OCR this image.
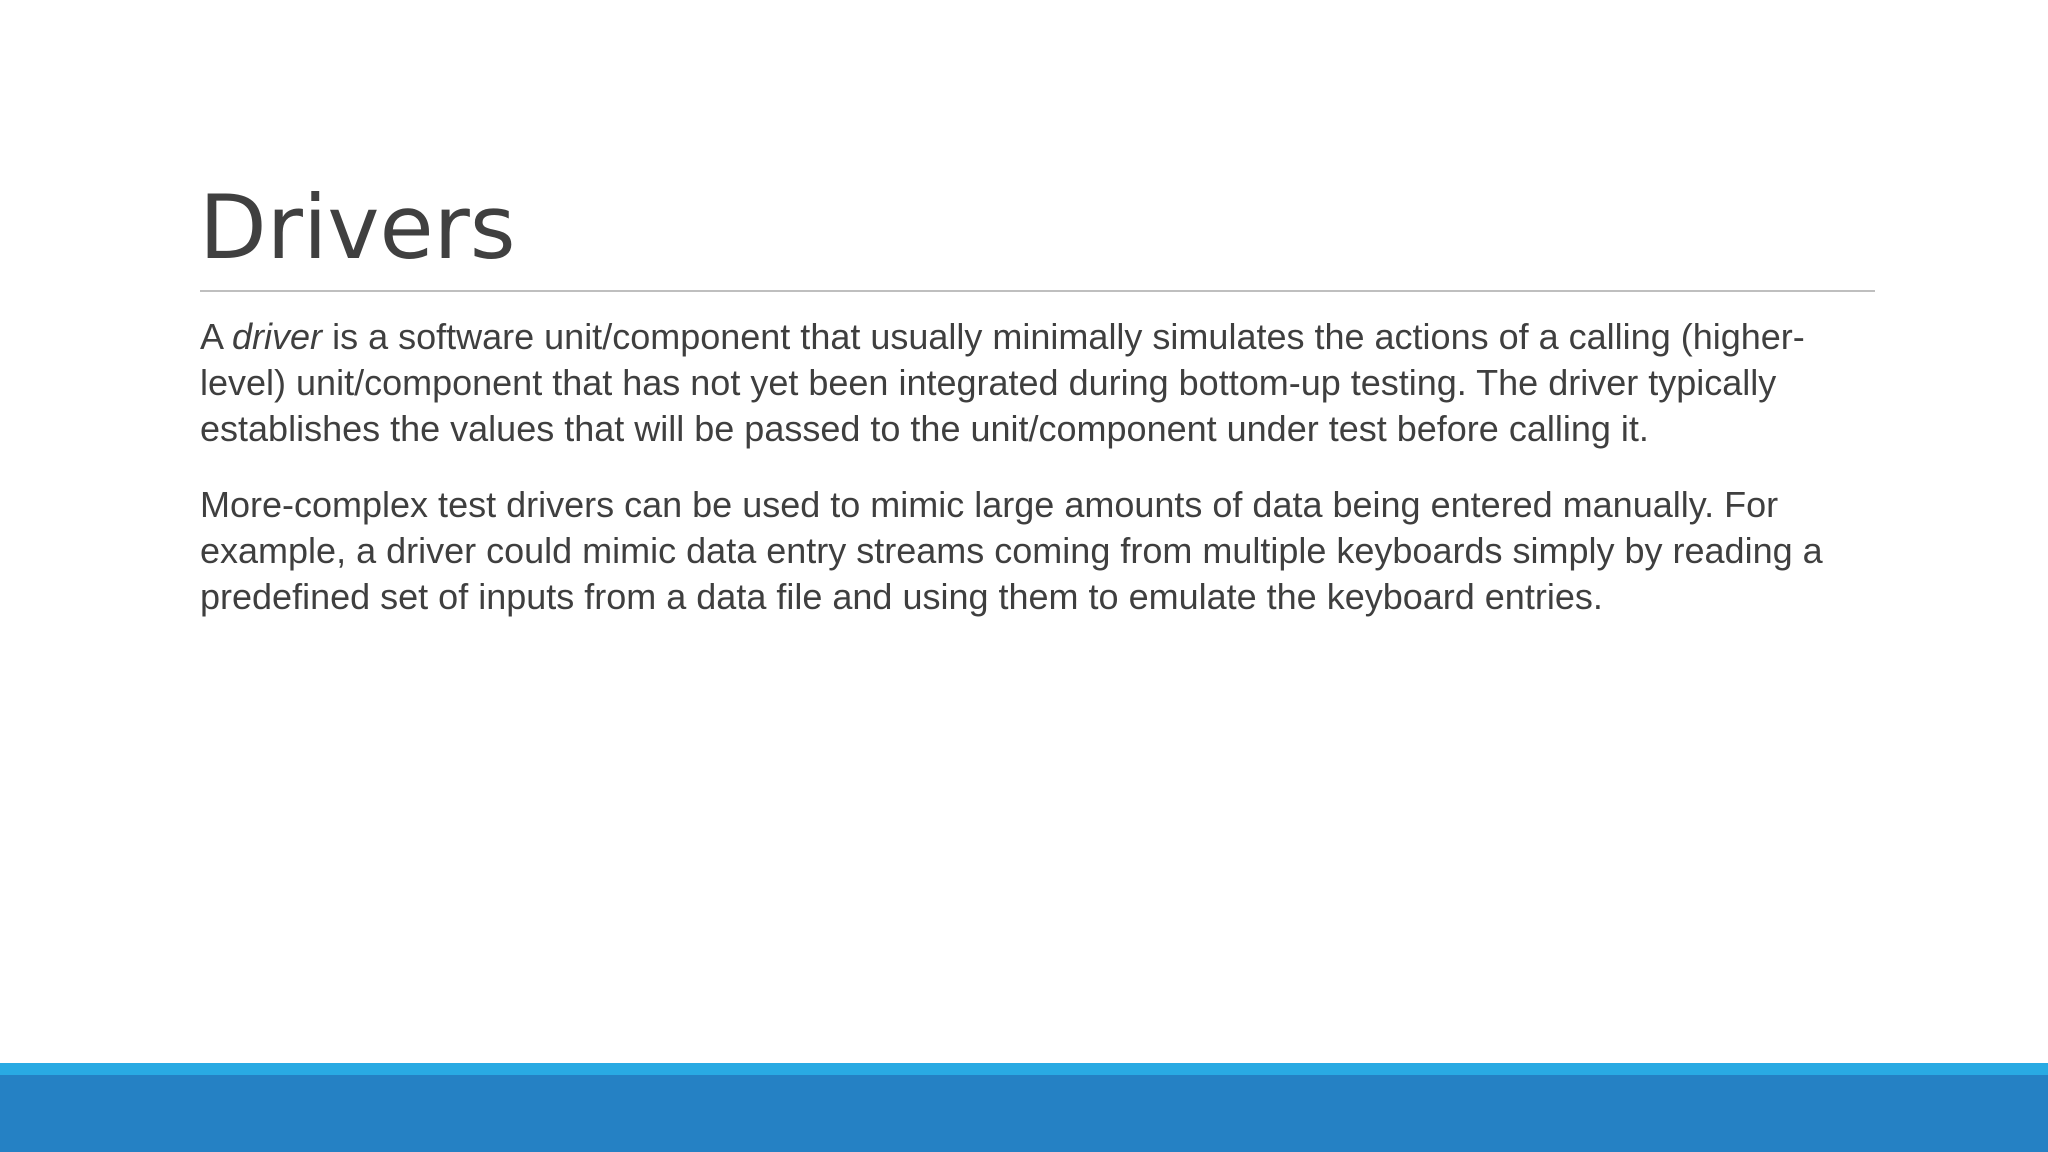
Drivers

A driver is a software unit/component that usually minimally simulates the actions of a calling (higher-level) unit/component that has not yet been integrated during bottom-up testing. The driver typically establishes the values that will be passed to the unit/component under test before calling it.

More-complex test drivers can be used to mimic large amounts of data being entered manually. For example, a driver could mimic data entry streams coming from multiple keyboards simply by reading a predefined set of inputs from a data file and using them to emulate the keyboard entries.
